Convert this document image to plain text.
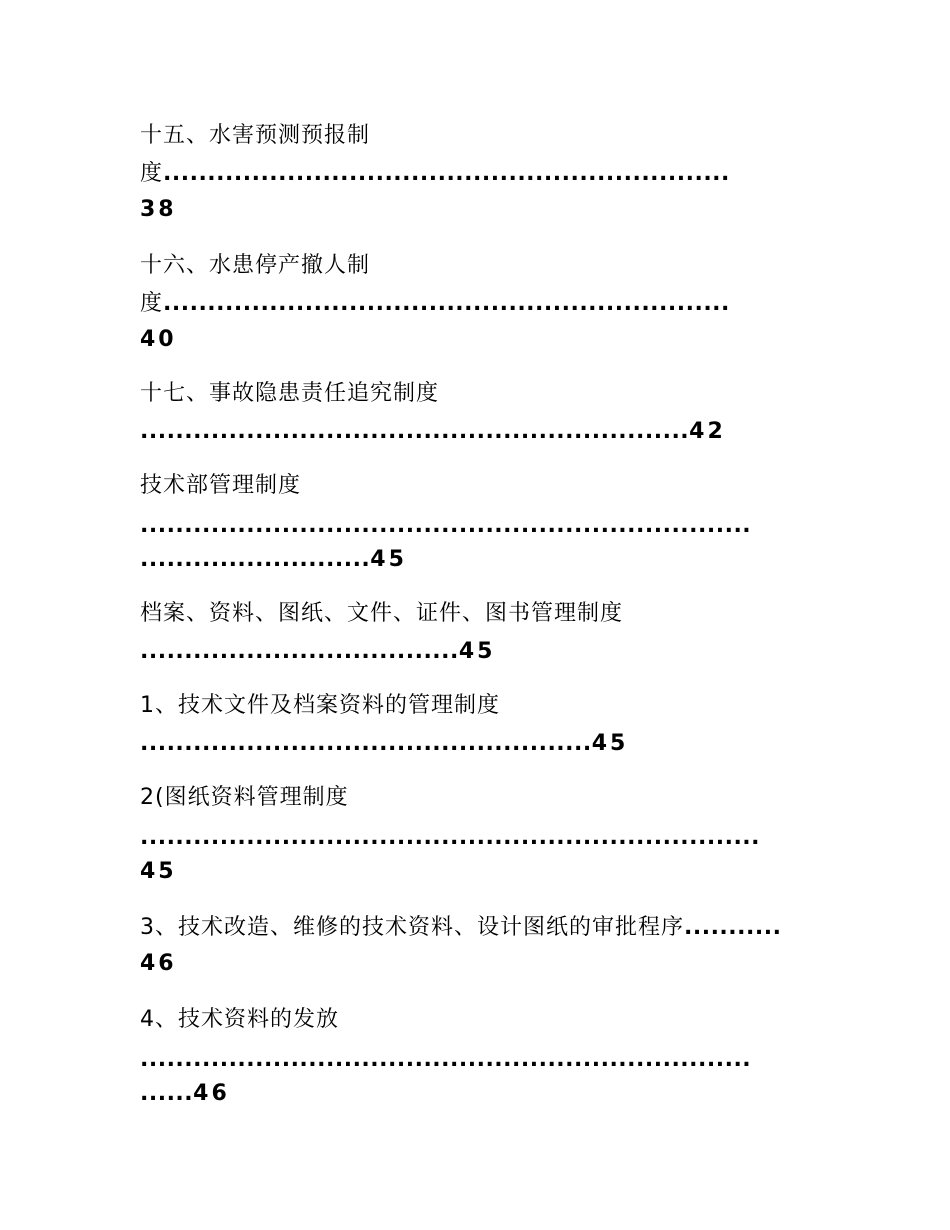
十五、水害预测预报制
度................................................................
38
十六、水患停产撤人制
度................................................................
40
十七、事故隐患责任追究制度
..............................................................42
技术部管理制度
.....................................................................
..........................45
档案、资料、图纸、文件、证件、图书管理制度
....................................45
1、技术文件及档案资料的管理制度
...................................................45
2(图纸资料管理制度
......................................................................
45
3、技术改造、维修的技术资料、设计图纸的审批程序...........
46
4、技术资料的发放
.....................................................................
......46
